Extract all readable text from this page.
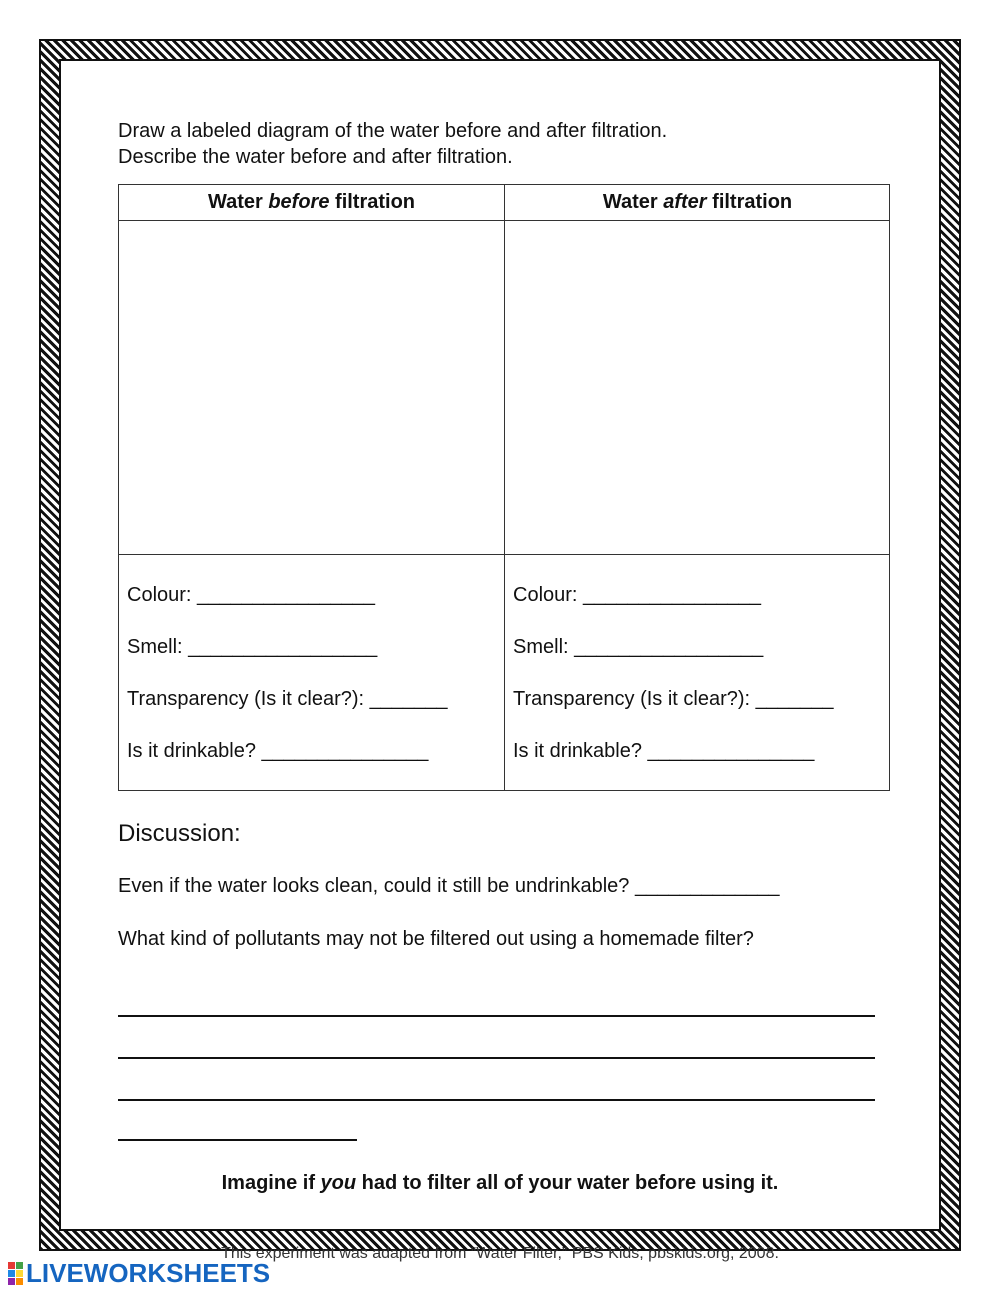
Draw a labeled diagram of the water before and after filtration.
Describe the water before and after filtration.
Water
before
filtration	Water
after
filtration
Colour: ________________
Smell: _________________
Transparency (Is it clear?): _______
Is it drinkable? _______________
Colour: ________________
Smell: _________________
Transparency (Is it clear?): _______
Is it drinkable? _______________
Discussion:
Even if the water looks clean, could it still be undrinkable? _____________
What kind of pollutants may not be filtered out using a homemade filter?
Imagine if you had to filter all of your water before using it.
This experiment was adapted from “Water Filter,” PBS Kids, pbskids.org, 2008.
LIVEWORKSHEETS
